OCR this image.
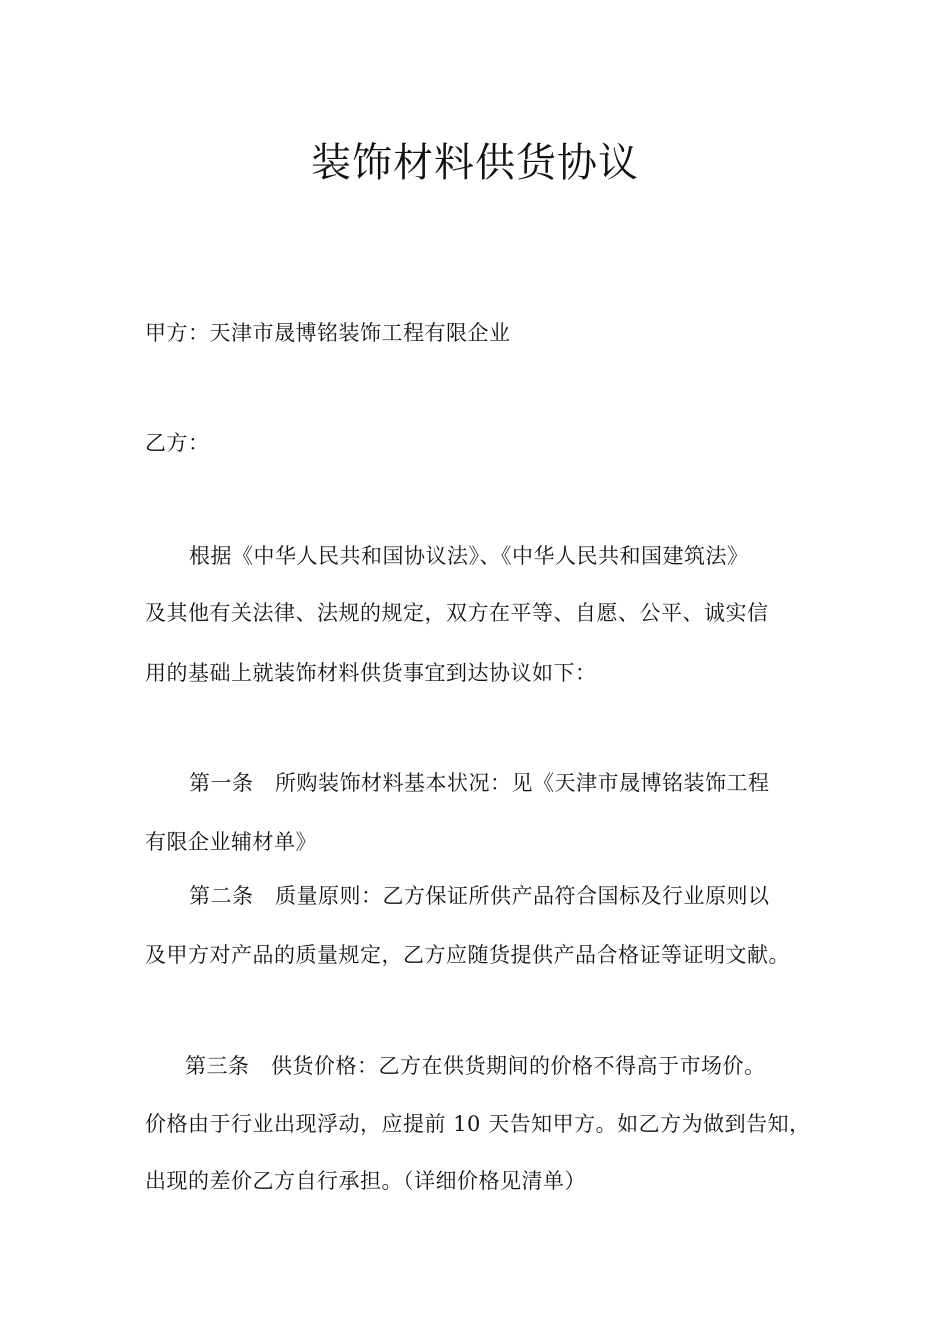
装饰材料供货协议
甲方：天津市晟博铭装饰工程有限企业
乙方：
根据《中华人民共和国协议法》、《中华人民共和国建筑法》
及其他有关法律、法规的规定，双方在平等、自愿、公平、诚实信
用的基础上就装饰材料供货事宜到达协议如下：
第一条　所购装饰材料基本状况：见《天津市晟博铭装饰工程
有限企业辅材单》
第二条　质量原则：乙方保证所供产品符合国标及行业原则以
及甲方对产品的质量规定，乙方应随货提供产品合格证等证明文献。
第三条　供货价格：乙方在供货期间的价格不得高于市场价。
价格由于行业出现浮动，应提前 10 天告知甲方。如乙方为做到告知，
出现的差价乙方自行承担。（详细价格见清单）
